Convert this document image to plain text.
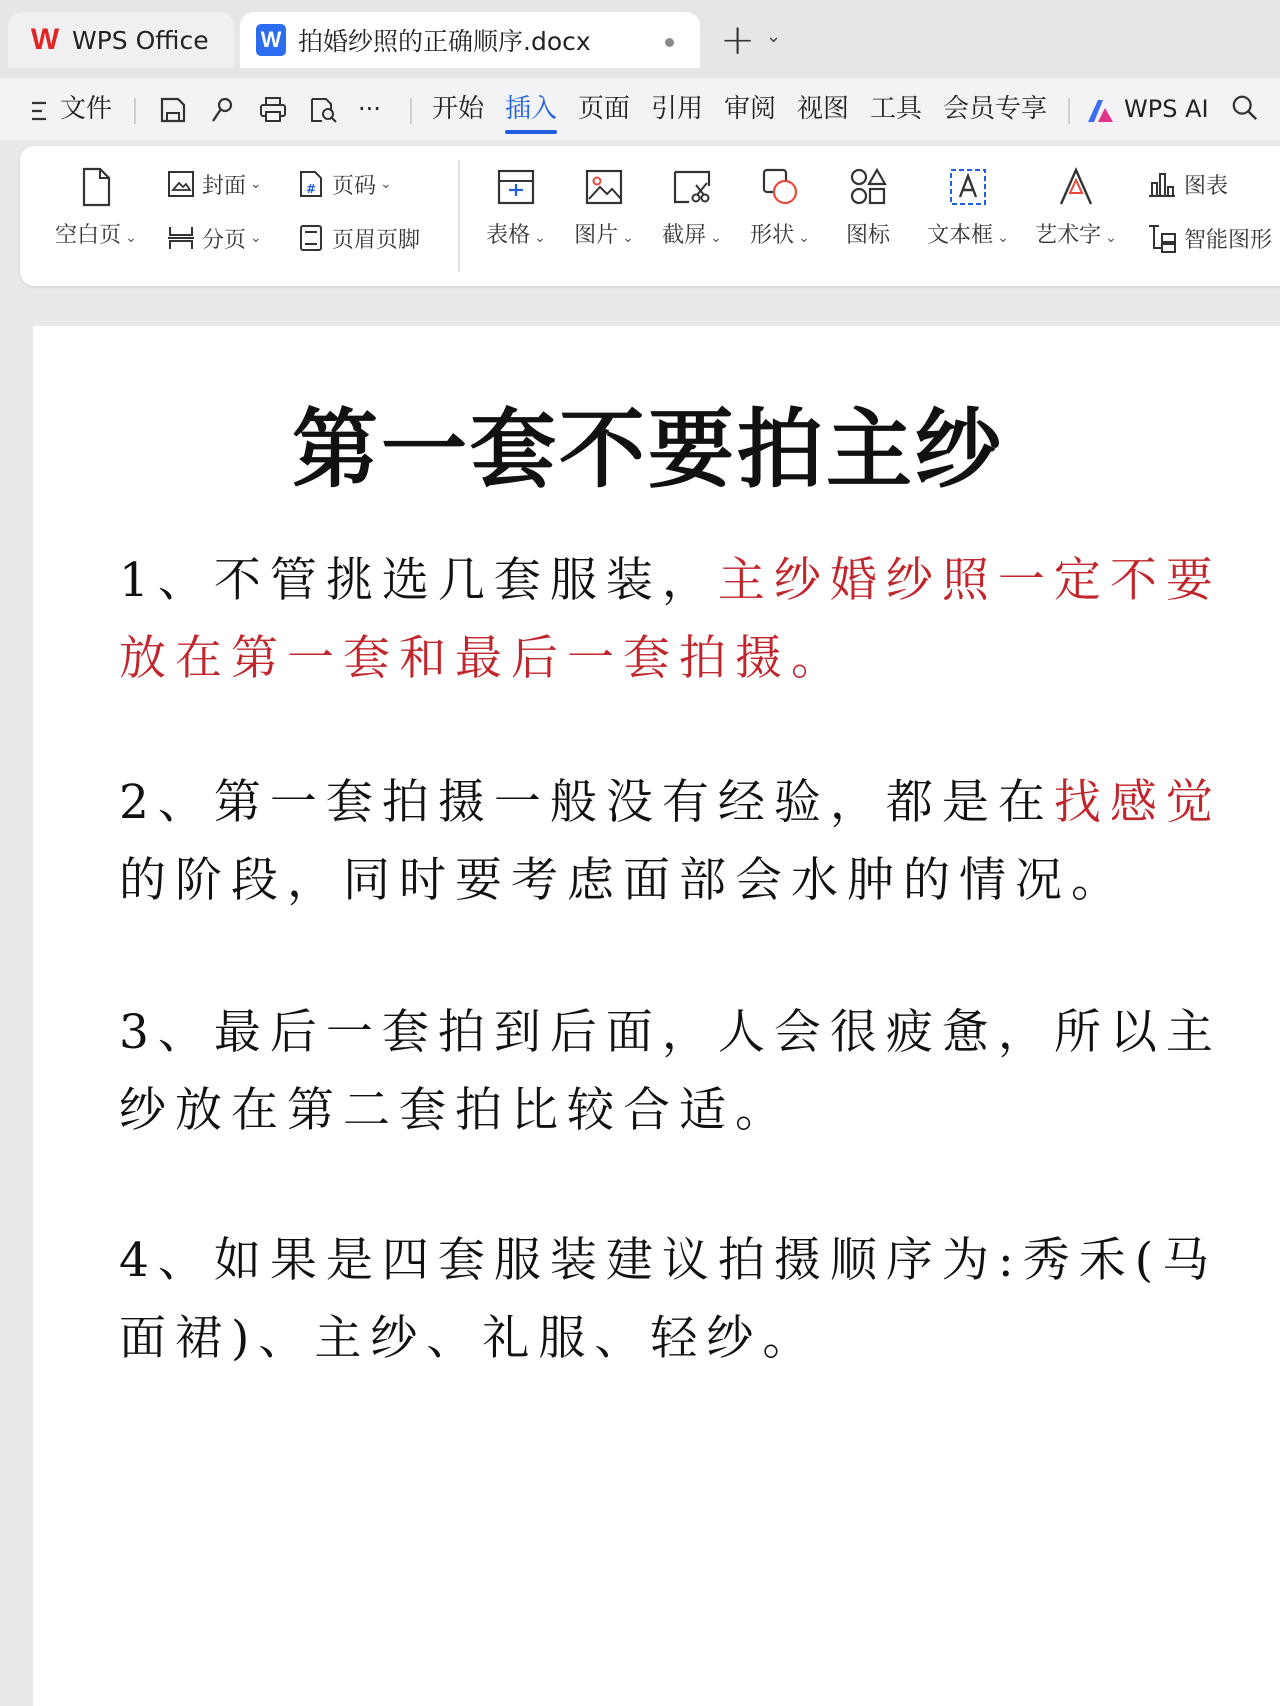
W WPS Office W 拍婚纱照的正确顺序.docx	+ ⌄
文件	··· 开始 插入 页面 引用 审阅 视图 工具 会员专享	WPS AI
空白页 ⌄
封面 ⌄
分页 ⌄
# 页码 ⌄
页眉页脚	表格 ⌄	图片 ⌄	截屏 ⌄	形状 ⌄	图标	文本框 ⌄	艺术字 ⌄
图表
智能图形
第一套不要拍主纱

1、不管挑选几套服装，主纱婚纱照一定不要放在第一套和最后一套拍摄。

2、第一套拍摄一般没有经验，都是在找感觉的阶段，同时要考虑面部会水肿的情况。

3、最后一套拍到后面，人会很疲惫，所以主纱放在第二套拍比较合适。

4、如果是四套服装建议拍摄顺序为:秀禾(马面裙)、主纱、礼服、轻纱。
